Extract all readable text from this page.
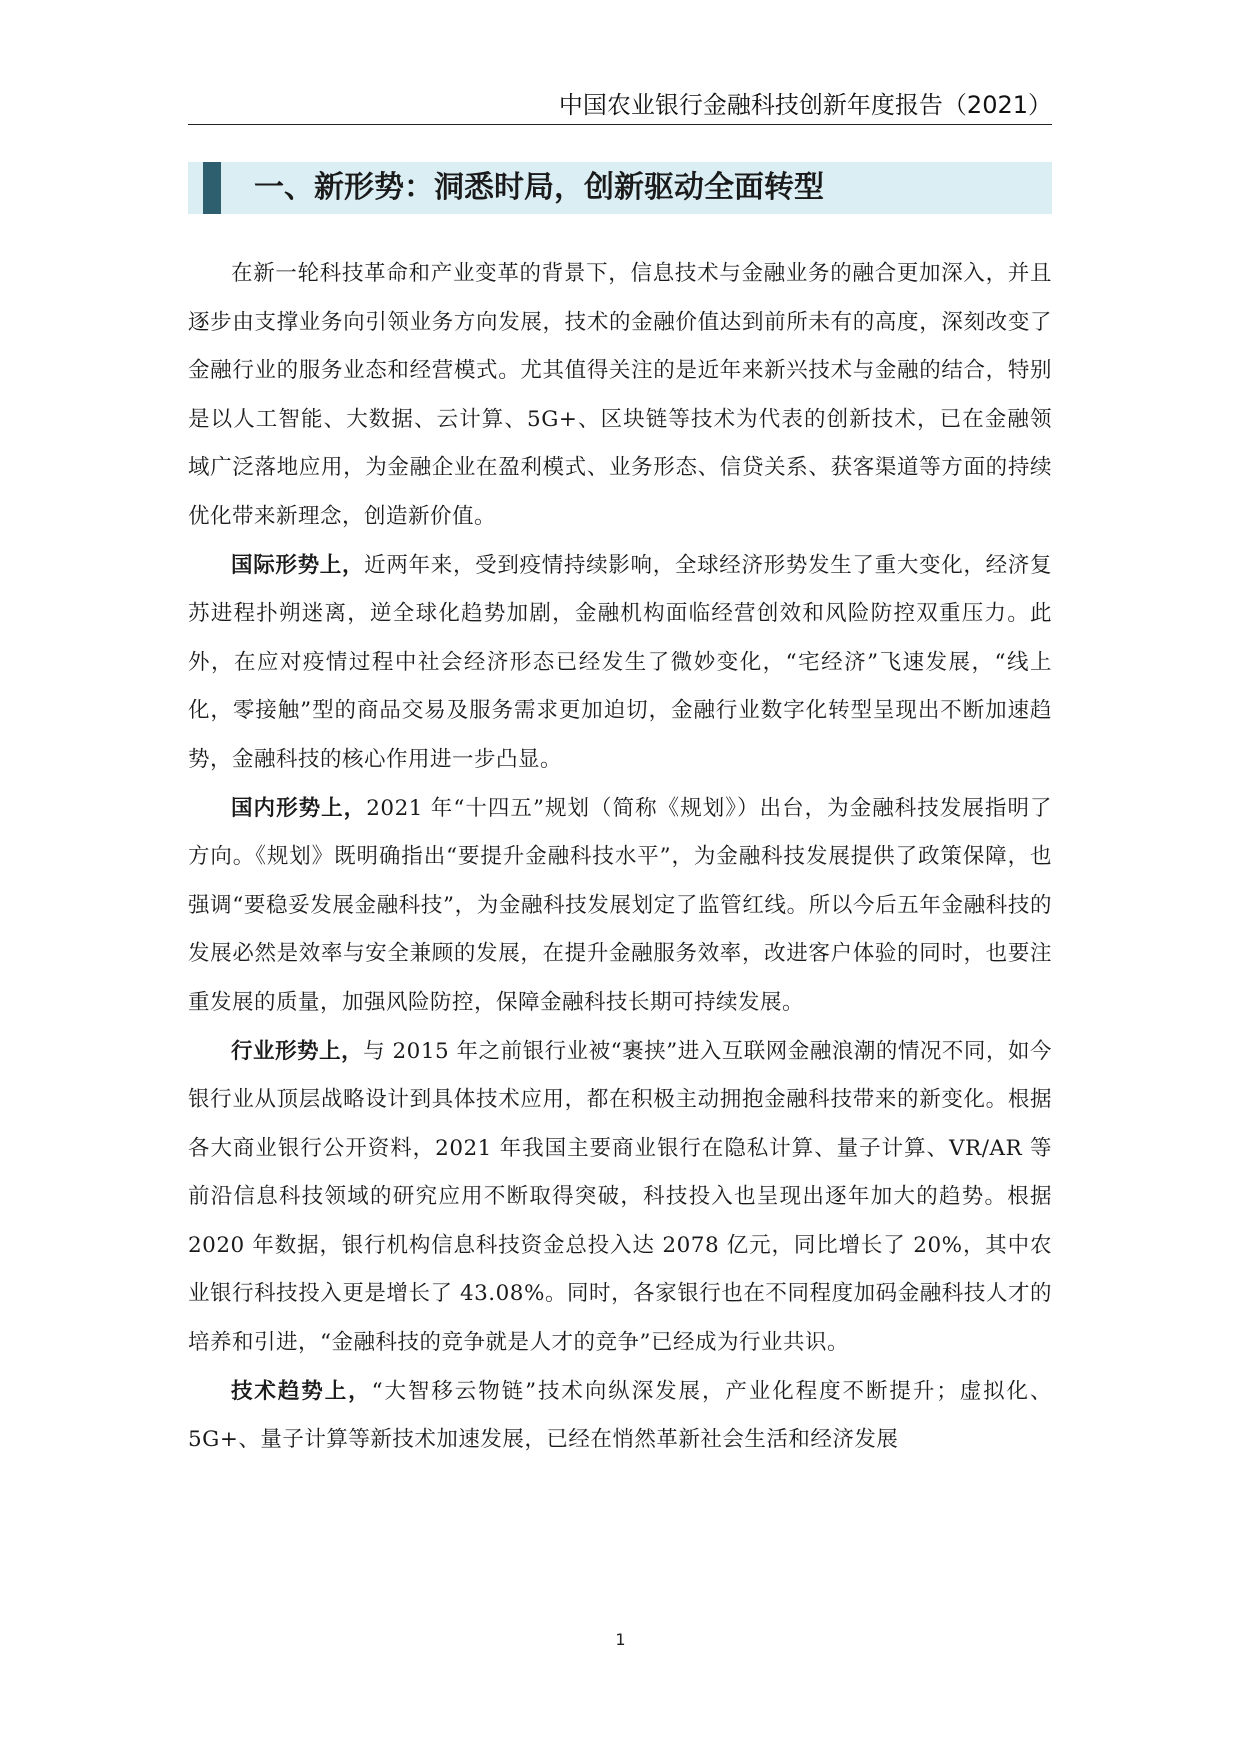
中国农业银行金融科技创新年度报告（2021）
一、新形势：洞悉时局，创新驱动全面转型

在新一轮科技革命和产业变革的背景下，信息技术与金融业务的融合更加深入，并且逐步由支撑业务向引领业务方向发展，技术的金融价值达到前所未有的高度，深刻改变了金融行业的服务业态和经营模式。尤其值得关注的是近年来新兴技术与金融的结合，特别是以人工智能、大数据、云计算、5G+、区块链等技术为代表的创新技术，已在金融领域广泛落地应用，为金融企业在盈利模式、业务形态、信贷关系、获客渠道等方面的持续优化带来新理念，创造新价值。

国际形势上，近两年来，受到疫情持续影响，全球经济形势发生了重大变化，经济复苏进程扑朔迷离，逆全球化趋势加剧，金融机构面临经营创效和风险防控双重压力。此外，在应对疫情过程中社会经济形态已经发生了微妙变化，“宅经济”飞速发展，“线上化，零接触”型的商品交易及服务需求更加迫切，金融行业数字化转型呈现出不断加速趋势，金融科技的核心作用进一步凸显。

国内形势上，2021 年“十四五”规划（简称《规划》）出台，为金融科技发展指明了方向。《规划》既明确指出“要提升金融科技水平”，为金融科技发展提供了政策保障，也强调“要稳妥发展金融科技”，为金融科技发展划定了监管红线。所以今后五年金融科技的发展必然是效率与安全兼顾的发展，在提升金融服务效率，改进客户体验的同时，也要注重发展的质量，加强风险防控，保障金融科技长期可持续发展。

行业形势上，与 2015 年之前银行业被“裹挟”进入互联网金融浪潮的情况不同，如今银行业从顶层战略设计到具体技术应用，都在积极主动拥抱金融科技带来的新变化。根据各大商业银行公开资料，2021 年我国主要商业银行在隐私计算、量子计算、VR/AR 等前沿信息科技领域的研究应用不断取得突破，科技投入也呈现出逐年加大的趋势。根据 2020 年数据，银行机构信息科技资金总投入达 2078 亿元，同比增长了 20%，其中农业银行科技投入更是增长了 43.08%。同时，各家银行也在不同程度加码金融科技人才的培养和引进，“金融科技的竞争就是人才的竞争”已经成为行业共识。

技术趋势上，“大智移云物链”技术向纵深发展，产业化程度不断提升；虚拟化、5G+、量子计算等新技术加速发展，已经在悄然革新社会生活和经济发展

1
